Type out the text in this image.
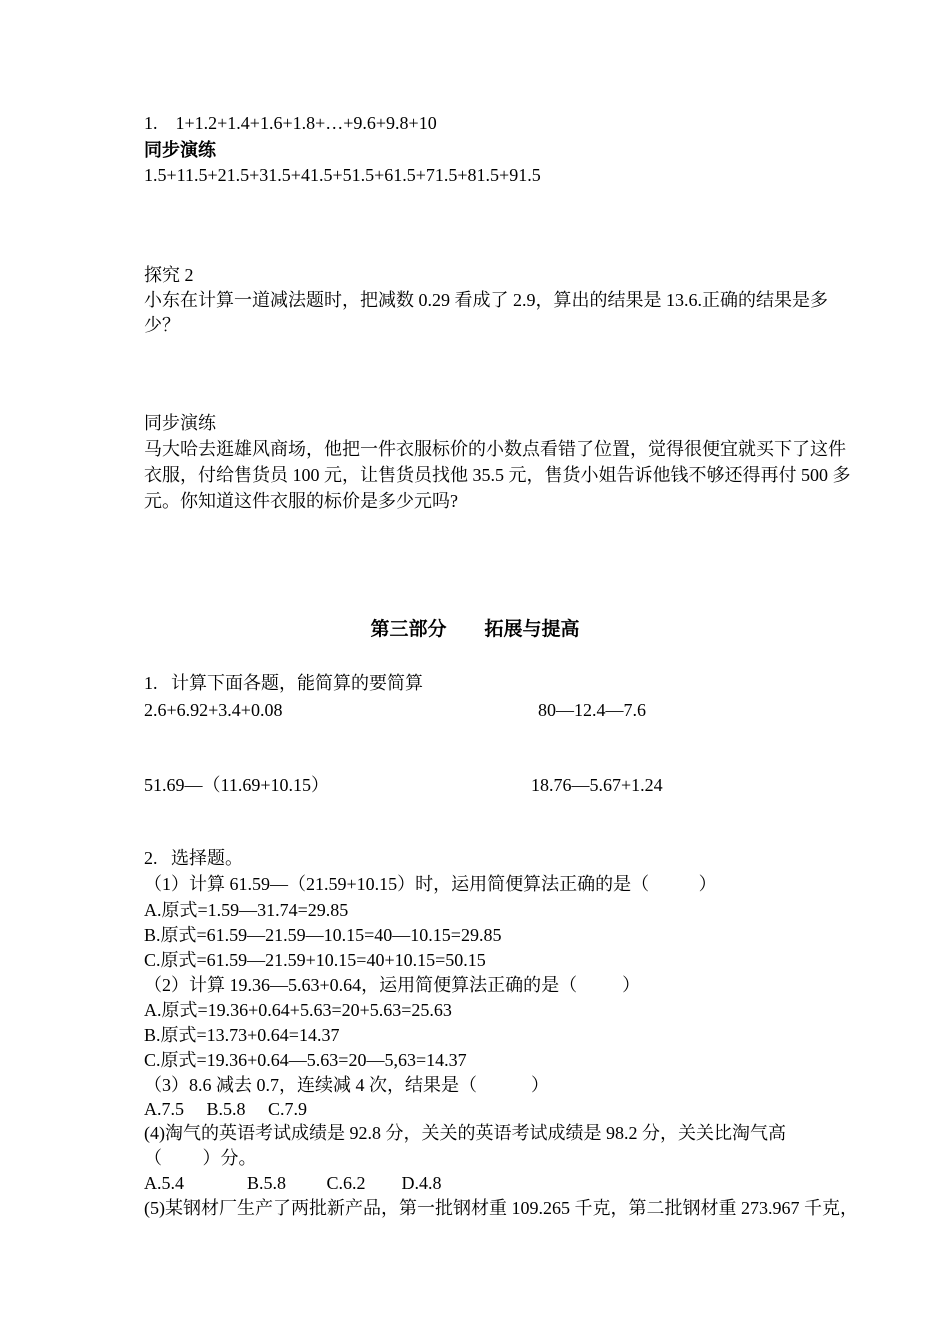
1.    1+1.2+1.4+1.6+1.8+…+9.6+9.8+10
同步演练
1.5+11.5+21.5+31.5+41.5+51.5+61.5+71.5+81.5+91.5
探究 2
小东在计算一道减法题时，把减数 0.29 看成了 2.9，算出的结果是 13.6.正确的结果是多
少？
同步演练
马大哈去逛雄风商场，他把一件衣服标价的小数点看错了位置，觉得很便宜就买下了这件
衣服，付给售货员 100 元，让售货员找他 35.5 元，售货小姐告诉他钱不够还得再付 500 多
元。你知道这件衣服的标价是多少元吗?
第三部分　　拓展与提高
1.   计算下面各题，能简算的要简算
2.6+6.92+3.4+0.08	80—12.4—7.6
51.69—（11.69+10.15）	18.76—5.67+1.24
2.   选择题。
（1）计算 61.59—（21.59+10.15）时，运用简便算法正确的是（           ）
A.原式=1.59—31.74=29.85
B.原式=61.59—21.59—10.15=40—10.15=29.85
C.原式=61.59—21.59+10.15=40+10.15=50.15
（2）计算 19.36—5.63+0.64，运用简便算法正确的是（          ）
A.原式=19.36+0.64+5.63=20+5.63=25.63
B.原式=13.73+0.64=14.37
C.原式=19.36+0.64—5.63=20—5,63=14.37
（3）8.6 减去 0.7，连续减 4 次，结果是（            ）
A.7.5     B.5.8     C.7.9
(4)淘气的英语考试成绩是 92.8 分，关关的英语考试成绩是 98.2 分，关关比淘气高
（         ）分。
A.5.4              B.5.8         C.6.2        D.4.8
(5)某钢材厂生产了两批新产品，第一批钢材重 109.265 千克，第二批钢材重 273.967 千克，
